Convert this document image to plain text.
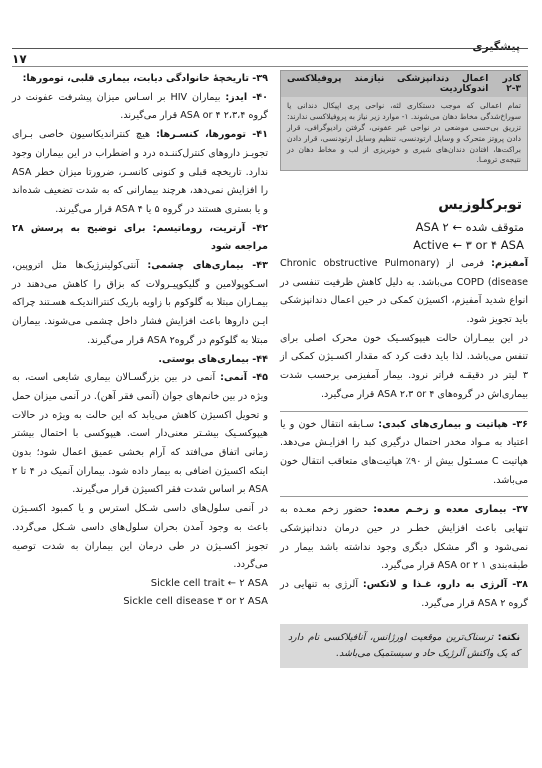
پیشگیری
۱۷
کادر ۳-۲
اعمال دندانپزشکی نیازمند پروفیلاکسی اندوکاردیت
تمام اعمالی که موجب دستکاری لثه، نواحی پری اپیکال دندانی یا سوراخ‌شدگی مخاط دهان می‌شوند. ۱- موارد زیر نیاز به پروفیلاکسی ندارند: تزریق بی‌حسی موضعی در نواحی غیر عفونی، گرفتن رادیوگرافی، قرار دادن پروتز متحرک و وسایل ارتودنسی، تنظیم وسایل ارتودنسی، قرار دادن براکت‌ها، افتادن دندان‌های شیری و خونریزی از لب و مخاط دهان در نتیجه‌ی ترومـا.
توبرکلوزیس
متوقف شده ← ۲ ASA
Active ← ۳ or ۴ ASA

آمفیزم: فرمی از (Chronic obstructive Pulmonary disease) COPD می‌باشد. به دلیل کاهش ظرفیت تنفسی در انواع شدید آمفیزم، اکسیژن کمکی در حین اعمال دندانپزشکی باید تجویز شود.

در این بیمـاران حالت هیپوکسـیک خون محرک اصلی برای تنفس می‌باشد. لذا باید دقت کرد که مقدار اکسـیژن کمکی از ۳ لیتر در دقیقـه فراتر نرود. بیمار آمفیزمی برحسب شدت بیماری‌اش در گروه‌های ASA ۲،۳ or ۴ قرار می‌گیرد.

۳۶- هپاتیت و بیماری‌های کبدی: سـابقه انتقال خون و یا اعتیاد به مـواد مخدر احتمال درگیری کبد را افزایـش می‌دهد. هپاتیت C مسـئول بیش از ۹۰٪ هپاتیت‌های متعاقب انتقال خون می‌باشد.

۳۷- بیماری معده و زخـم معده: حضور زخم معـده به تنهایی باعث افزایش خطـر در حین درمان دندانپزشکی نمی‌شود و اگر مشکل دیگری وجود نداشته باشد بیمار در طبقه‌بندی ۱ ASA or ۲ قرار می‌گیرد.

۳۸- آلرژی به دارو، غـذا و لاتکس: آلرژی به تنهایی در گروه ۲ ASA قرار می‌گیرد.

نکته: ترسناک‌ترین موقعیت اورژانس، آنافیلاکسی نام دارد که یک واکنش آلرژیک حاد و سیستمیک می‌باشد.

۳۹- تاریخچهٔ خانوادگی دیابت، بیماری قلبی، تومورها:

۴۰- ایدز: بیماران HIV بر اسـاس میزان پیشرفت عفونت در گروه ۲،۳،۴ ASA or ۴ قرار می‌گیرند.

۴۱- تومورها، کنسـرها: هیچ کنتراندیکاسیون خاصی بـرای تجویـز داروهای کنترل‌کننـده درد و اضطراب در این بیماران وجود ندارد. تاریخچه قبلی و کنونی کانسـر، ضرورتا میزان خطر ASA را افزایش نمی‌دهد، هرچند بیمارانی که به شدت تضعیف شده‌اند و یا بستری هستند در گروه ۵ یا ۴ ASA قرار می‌گیرند.

۴۲- آرتریت، روماتیسم: برای توضیح به پرسش ۲۸ مراجعه شود

۴۳- بیماری‌های چشمی: آنتی‌کولینرژیک‌ها مثل اتروپین، اسـکوپولامین و گلیکوپیـرولات که بزاق را کاهش می‌دهند در بیمـاران مبتلا به گلوکوم با زاویه باریک کنترااندیکـه هسـتند چراکه ایـن داروها باعث افزایش فشار داخل چشمی می‌شوند. بیماران مبتلا به گلوکوم در گروه۲ ASA قرار می‌گیرند.

۴۴- بیماری‌های بوستی.

۴۵- آنمی: آنمی در بین بزرگسـالان بیماری شایعی است، به ویژه در بین خانم‌های جوان (آنمی فقر آهن). در آنمی میزان حمل و تحویل اکسیژن کاهش می‌یابد که این حالت به ویژه در حالات هیپوکسـیک بیشـتر معنی‌دار است. هیپوکسی با احتمال بیشتر زمانی اتفاق می‌افتد که آرام بخشی عمیق اعمال شود؛ بدون اینکه اکسیژن اضافی به بیمار داده شود. بیماران آنمیک در ۴ تا ۲ ASA بر اساس شدت فقر اکسیژن قرار می‌گیرند.

در آنمی سلول‌های داسی شـکل استرس و یا کمبود اکسـیژن باعث به وجود آمدن بحران سلول‌های داسی شـکل می‌گردد. تجویز اکسـیژن در طی درمان این بیماران به شدت توصیه می‌گردد.

Sickle cell trait ← ۲ ASA
Sickle cell disease ۳ or ۲ ASA
